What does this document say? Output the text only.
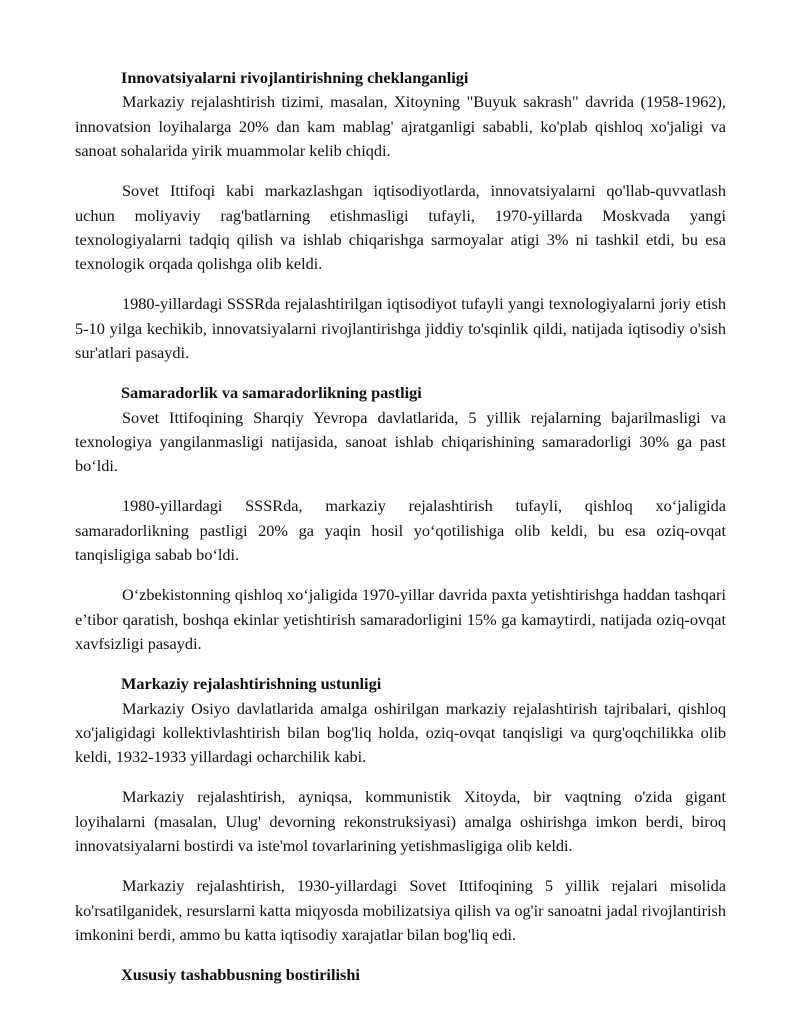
Innovatsiyalarni rivojlantirishning cheklanganligi

Markaziy rejalashtirish tizimi, masalan, Xitoyning "Buyuk sakrash" davrida (1958-1962), innovatsion loyihalarga 20% dan kam mablag' ajratganligi sababli, ko'plab qishloq xo'jaligi va sanoat sohalarida yirik muammolar kelib chiqdi.

Sovet Ittifoqi kabi markazlashgan iqtisodiyotlarda, innovatsiyalarni qo'llab-quvvatlash uchun moliyaviy rag'batlarning etishmasligi tufayli, 1970-yillarda Moskvada yangi texnologiyalarni tadqiq qilish va ishlab chiqarishga sarmoyalar atigi 3% ni tashkil etdi, bu esa texnologik orqada qolishga olib keldi.

1980-yillardagi SSSRda rejalashtirilgan iqtisodiyot tufayli yangi texnologiyalarni joriy etish 5-10 yilga kechikib, innovatsiyalarni rivojlantirishga jiddiy to'sqinlik qildi, natijada iqtisodiy o'sish sur'atlari pasaydi.

Samaradorlik va samaradorlikning pastligi

Sovet Ittifoqining Sharqiy Yevropa davlatlarida, 5 yillik rejalarning bajarilmasligi va texnologiya yangilanmasligi natijasida, sanoat ishlab chiqarishining samaradorligi 30% ga past bo‘ldi.

1980-yillardagi SSSRda, markaziy rejalashtirish tufayli, qishloq xo‘jaligida samaradorlikning pastligi 20% ga yaqin hosil yo‘qotilishiga olib keldi, bu esa oziq-ovqat tanqisligiga sabab bo‘ldi.

O‘zbekistonning qishloq xo‘jaligida 1970-yillar davrida paxta yetishtirishga haddan tashqari e’tibor qaratish, boshqa ekinlar yetishtirish samaradorligini 15% ga kamaytirdi, natijada oziq-ovqat xavfsizligi pasaydi.

Markaziy rejalashtirishning ustunligi

Markaziy Osiyo davlatlarida amalga oshirilgan markaziy rejalashtirish tajribalari, qishloq xo'jaligidagi kollektivlashtirish bilan bog'liq holda, oziq-ovqat tanqisligi va qurg'oqchilikka olib keldi, 1932-1933 yillardagi ocharchilik kabi.

Markaziy rejalashtirish, ayniqsa, kommunistik Xitoyda, bir vaqtning o'zida gigant loyihalarni (masalan, Ulug' devorning rekonstruksiyasi) amalga oshirishga imkon berdi, biroq innovatsiyalarni bostirdi va iste'mol tovarlarining yetishmasligiga olib keldi.

Markaziy rejalashtirish, 1930-yillardagi Sovet Ittifoqining 5 yillik rejalari misolida ko'rsatilganidek, resurslarni katta miqyosda mobilizatsiya qilish va og'ir sanoatni jadal rivojlantirish imkonini berdi, ammo bu katta iqtisodiy xarajatlar bilan bog'liq edi.

Xususiy tashabbusning bostirilishi
